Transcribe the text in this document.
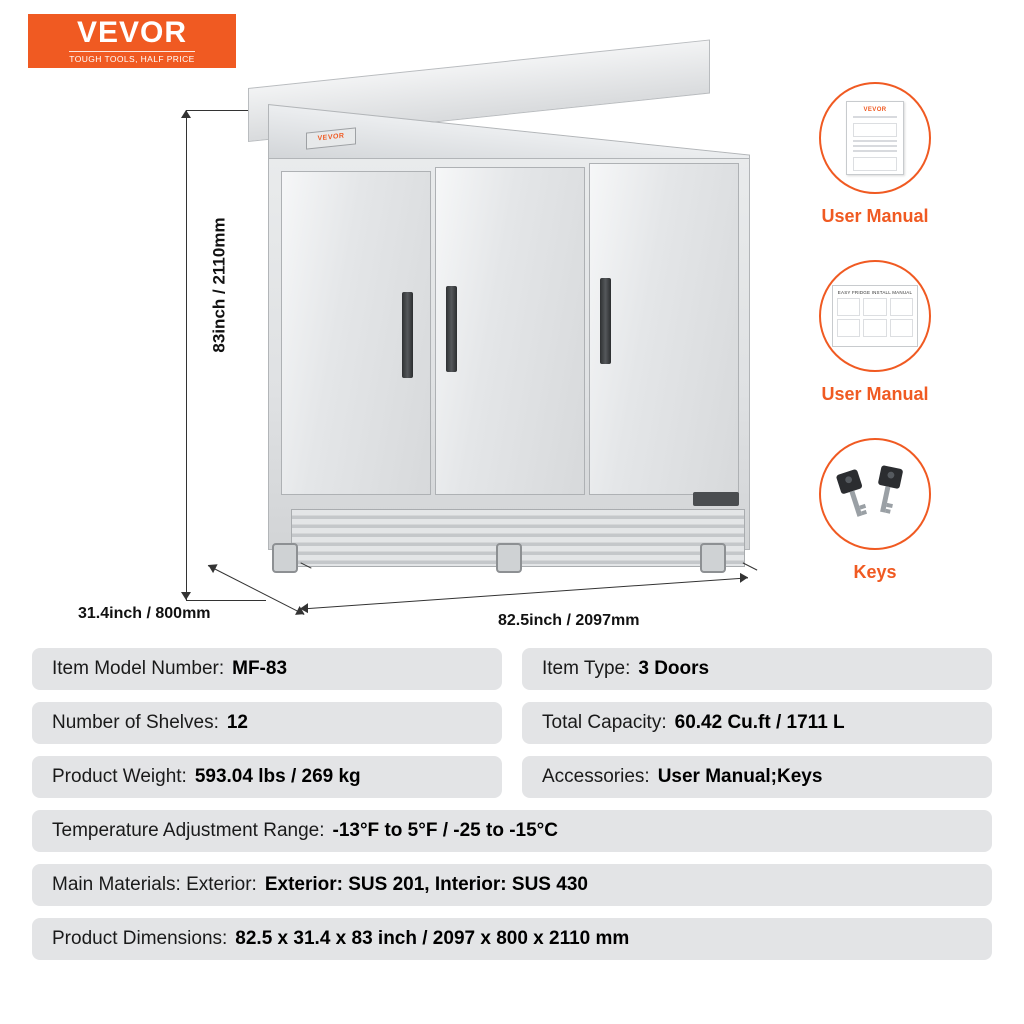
VEVOR
TOUGH TOOLS, HALF PRICE
83inch / 2110mm
VEVOR
31.4inch / 800mm	82.5inch / 2097mm
VEVOR
User Manual
EASY FRIDGE INSTALL MANUAL
User Manual
Keys
Item Model Number: MF-83	Item Type: 3 Doors
Number of Shelves: 12	Total Capacity: 60.42 Cu.ft / 1711 L
Product Weight: 593.04 lbs / 269 kg	Accessories: User Manual;Keys
Temperature Adjustment Range: -13°F to 5°F / -25 to -15°C
Main Materials: Exterior: Exterior: SUS 201, Interior: SUS 430
Product Dimensions: 82.5 x 31.4 x 83 inch / 2097 x 800 x 2110 mm
